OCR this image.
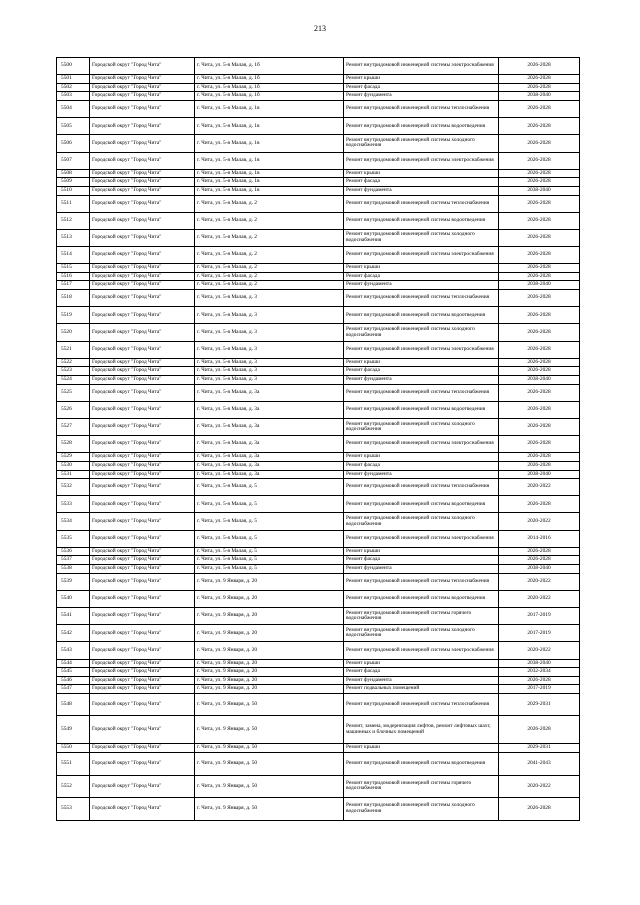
213
5500	Городской округ "Город Чита"	г. Чита, ул. 5-я Малая, д. 1б	Ремонт внутридомовой инженерной системы электроснабжения	2026-2028
5501	Городской округ "Город Чита"	г. Чита, ул. 5-я Малая, д. 1б	Ремонт крыши	2026-2028
5502	Городской округ "Город Чита"	г. Чита, ул. 5-я Малая, д. 1б	Ремонт фасада	2026-2028
5503	Городской округ "Город Чита"	г. Чита, ул. 5-я Малая, д. 1б	Ремонт фундамента	2038-2040
5504	Городской округ "Город Чита"	г. Чита, ул. 5-я Малая, д. 1в	Ремонт внутридомовой инженерной системы теплоснабжения	2026-2028
5505	Городской округ "Город Чита"	г. Чита, ул. 5-я Малая, д. 1в	Ремонт внутридомовой инженерной системы водоотведения	2026-2028
5506	Городской округ "Город Чита"	г. Чита, ул. 5-я Малая, д. 1в	Ремонт внутридомовой инженерной системы холодного водоснабжения	2026-2028
5507	Городской округ "Город Чита"	г. Чита, ул. 5-я Малая, д. 1в	Ремонт внутридомовой инженерной системы электроснабжения	2026-2028
5508	Городской округ "Город Чита"	г. Чита, ул. 5-я Малая, д. 1в	Ремонт крыши	2026-2028
5509	Городской округ "Город Чита"	г. Чита, ул. 5-я Малая, д. 1в	Ремонт фасада	2026-2028
5510	Городской округ "Город Чита"	г. Чита, ул. 5-я Малая, д. 1в	Ремонт фундамента	2038-2040
5511	Городской округ "Город Чита"	г. Чита, ул. 5-я Малая, д. 2	Ремонт внутридомовой инженерной системы теплоснабжения	2026-2028
5512	Городской округ "Город Чита"	г. Чита, ул. 5-я Малая, д. 2	Ремонт внутридомовой инженерной системы водоотведения	2026-2028
5513	Городской округ "Город Чита"	г. Чита, ул. 5-я Малая, д. 2	Ремонт внутридомовой инженерной системы холодного водоснабжения	2026-2028
5514	Городской округ "Город Чита"	г. Чита, ул. 5-я Малая, д. 2	Ремонт внутридомовой инженерной системы электроснабжения	2026-2028
5515	Городской округ "Город Чита"	г. Чита, ул. 5-я Малая, д. 2	Ремонт крыши	2026-2028
5516	Городской округ "Город Чита"	г. Чита, ул. 5-я Малая, д. 2	Ремонт фасада	2026-2028
5517	Городской округ "Город Чита"	г. Чита, ул. 5-я Малая, д. 2	Ремонт фундамента	2038-2040
5518	Городской округ "Город Чита"	г. Чита, ул. 5-я Малая, д. 3	Ремонт внутридомовой инженерной системы теплоснабжения	2026-2028
5519	Городской округ "Город Чита"	г. Чита, ул. 5-я Малая, д. 3	Ремонт внутридомовой инженерной системы водоотведения	2026-2028
5520	Городской округ "Город Чита"	г. Чита, ул. 5-я Малая, д. 3	Ремонт внутридомовой инженерной системы холодного водоснабжения	2026-2028
5521	Городской округ "Город Чита"	г. Чита, ул. 5-я Малая, д. 3	Ремонт внутридомовой инженерной системы электроснабжения	2026-2028
5522	Городской округ "Город Чита"	г. Чита, ул. 5-я Малая, д. 3	Ремонт крыши	2026-2028
5523	Городской округ "Город Чита"	г. Чита, ул. 5-я Малая, д. 3	Ремонт фасада	2026-2028
5524	Городской округ "Город Чита"	г. Чита, ул. 5-я Малая, д. 3	Ремонт фундамента	2038-2040
5525	Городской округ "Город Чита"	г. Чита, ул. 5-я Малая, д. 3а	Ремонт внутридомовой инженерной системы теплоснабжения	2026-2028
5526	Городской округ "Город Чита"	г. Чита, ул. 5-я Малая, д. 3а	Ремонт внутридомовой инженерной системы водоотведения	2026-2028
5527	Городской округ "Город Чита"	г. Чита, ул. 5-я Малая, д. 3а	Ремонт внутридомовой инженерной системы холодного водоснабжения	2026-2028
5528	Городской округ "Город Чита"	г. Чита, ул. 5-я Малая, д. 3а	Ремонт внутридомовой инженерной системы электроснабжения	2026-2028
5529	Городской округ "Город Чита"	г. Чита, ул. 5-я Малая, д. 3а	Ремонт крыши	2026-2028
5530	Городской округ "Город Чита"	г. Чита, ул. 5-я Малая, д. 3а	Ремонт фасада	2026-2028
5531	Городской округ "Город Чита"	г. Чита, ул. 5-я Малая, д. 3а	Ремонт фундамента	2038-2040
5532	Городской округ "Город Чита"	г. Чита, ул. 5-я Малая, д. 5	Ремонт внутридомовой инженерной системы теплоснабжения	2020-2022
5533	Городской округ "Город Чита"	г. Чита, ул. 5-я Малая, д. 5	Ремонт внутридомовой инженерной системы водоотведения	2026-2028
5534	Городской округ "Город Чита"	г. Чита, ул. 5-я Малая, д. 5	Ремонт внутридомовой инженерной системы холодного водоснабжения	2020-2022
5535	Городской округ "Город Чита"	г. Чита, ул. 5-я Малая, д. 5	Ремонт внутридомовой инженерной системы электроснабжения	2014-2016
5536	Городской округ "Город Чита"	г. Чита, ул. 5-я Малая, д. 5	Ремонт крыши	2026-2028
5537	Городской округ "Город Чита"	г. Чита, ул. 5-я Малая, д. 5	Ремонт фасада	2026-2028
5538	Городской округ "Город Чита"	г. Чита, ул. 5-я Малая, д. 5	Ремонт фундамента	2038-2040
5539	Городской округ "Город Чита"	г. Чита, ул. 9 Января, д. 20	Ремонт внутридомовой инженерной системы теплоснабжения	2020-2022
5540	Городской округ "Город Чита"	г. Чита, ул. 9 Января, д. 20	Ремонт внутридомовой инженерной системы водоотведения	2020-2022
5541	Городской округ "Город Чита"	г. Чита, ул. 9 Января, д. 20	Ремонт внутридомовой инженерной системы горячего водоснабжения	2017-2019
5542	Городской округ "Город Чита"	г. Чита, ул. 9 Января, д. 20	Ремонт внутридомовой инженерной системы холодного водоснабжения	2017-2019
5543	Городской округ "Город Чита"	г. Чита, ул. 9 Января, д. 20	Ремонт внутридомовой инженерной системы электроснабжения	2020-2022
5544	Городской округ "Город Чита"	г. Чита, ул. 9 Января, д. 20	Ремонт крыши	2038-2040
5545	Городской округ "Город Чита"	г. Чита, ул. 9 Января, д. 20	Ремонт фасада	2032-2034
5546	Городской округ "Город Чита"	г. Чита, ул. 9 Января, д. 20	Ремонт фундамента	2026-2028
5547	Городской округ "Город Чита"	г. Чита, ул. 9 Января, д. 20	Ремонт подвальных помещений	2017-2019
5548	Городской округ "Город Чита"	г. Чита, ул. 9 Января, д. 50	Ремонт внутридомовой инженерной системы теплоснабжения	2029-2031
5549	Городской округ "Город Чита"	г. Чита, ул. 9 Января, д. 50	Ремонт, замена, модернизация лифтов, ремонт лифтовых шахт, машинных и блочных помещений	2026-2028
5550	Городской округ "Город Чита"	г. Чита, ул. 9 Января, д. 50	Ремонт крыши	2029-2031
5551	Городской округ "Город Чита"	г. Чита, ул. 9 Января, д. 50	Ремонт внутридомовой инженерной системы водоотведения	2041-2043
5552	Городской округ "Город Чита"	г. Чита, ул. 9 Января, д. 50	Ремонт внутридомовой инженерной системы горячего водоснабжения	2020-2022
5553	Городской округ "Город Чита"	г. Чита, ул. 9 Января, д. 50	Ремонт внутридомовой инженерной системы холодного водоснабжения	2026-2028
